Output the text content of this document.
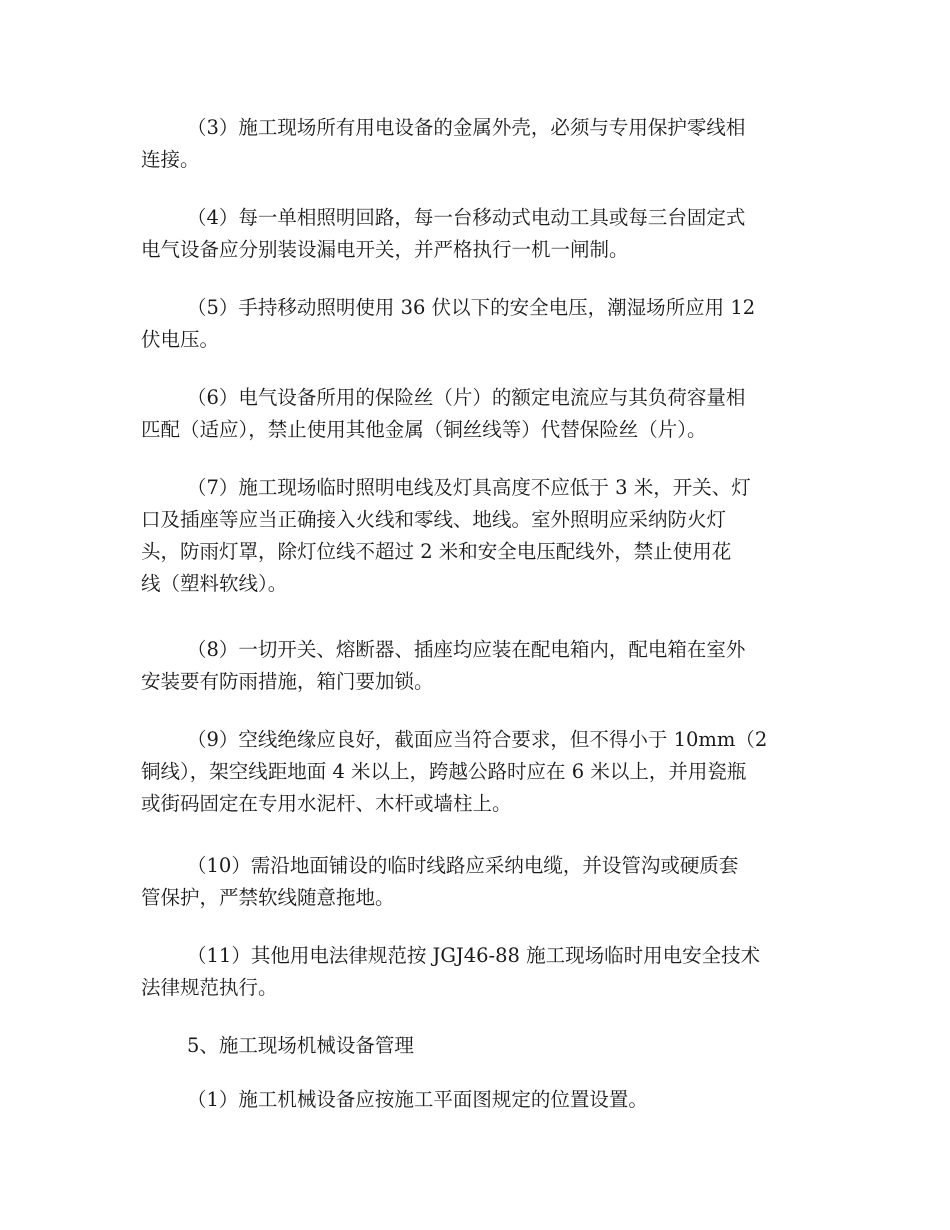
（3）施工现场所有用电设备的金属外壳，必须与专用保护零线相
连接。

（4）每一单相照明回路，每一台移动式电动工具或每三台固定式
电气设备应分别装设漏电开关，并严格执行一机一闸制。

（5）手持移动照明使用 36 伏以下的安全电压，潮湿场所应用 12
伏电压。

（6）电气设备所用的保险丝（片）的额定电流应与其负荷容量相
匹配（适应），禁止使用其他金属（铜丝线等）代替保险丝（片）。

（7）施工现场临时照明电线及灯具高度不应低于 3 米，开关、灯
口及插座等应当正确接入火线和零线、地线。室外照明应采纳防火灯
头，防雨灯罩，除灯位线不超过 2 米和安全电压配线外，禁止使用花
线（塑料软线）。

（8）一切开关、熔断器、插座均应装在配电箱内，配电箱在室外
安装要有防雨措施，箱门要加锁。

（9）空线绝缘应良好，截面应当符合要求，但不得小于 10mm（2
铜线），架空线距地面 4 米以上，跨越公路时应在 6 米以上，并用瓷瓶
或街码固定在专用水泥杆、木杆或墙柱上。

（10）需沿地面铺设的临时线路应采纳电缆，并设管沟或硬质套
管保护，严禁软线随意拖地。

（11）其他用电法律规范按 JGJ46-88 施工现场临时用电安全技术
法律规范执行。

5、施工现场机械设备管理

（1）施工机械设备应按施工平面图规定的位置设置。
